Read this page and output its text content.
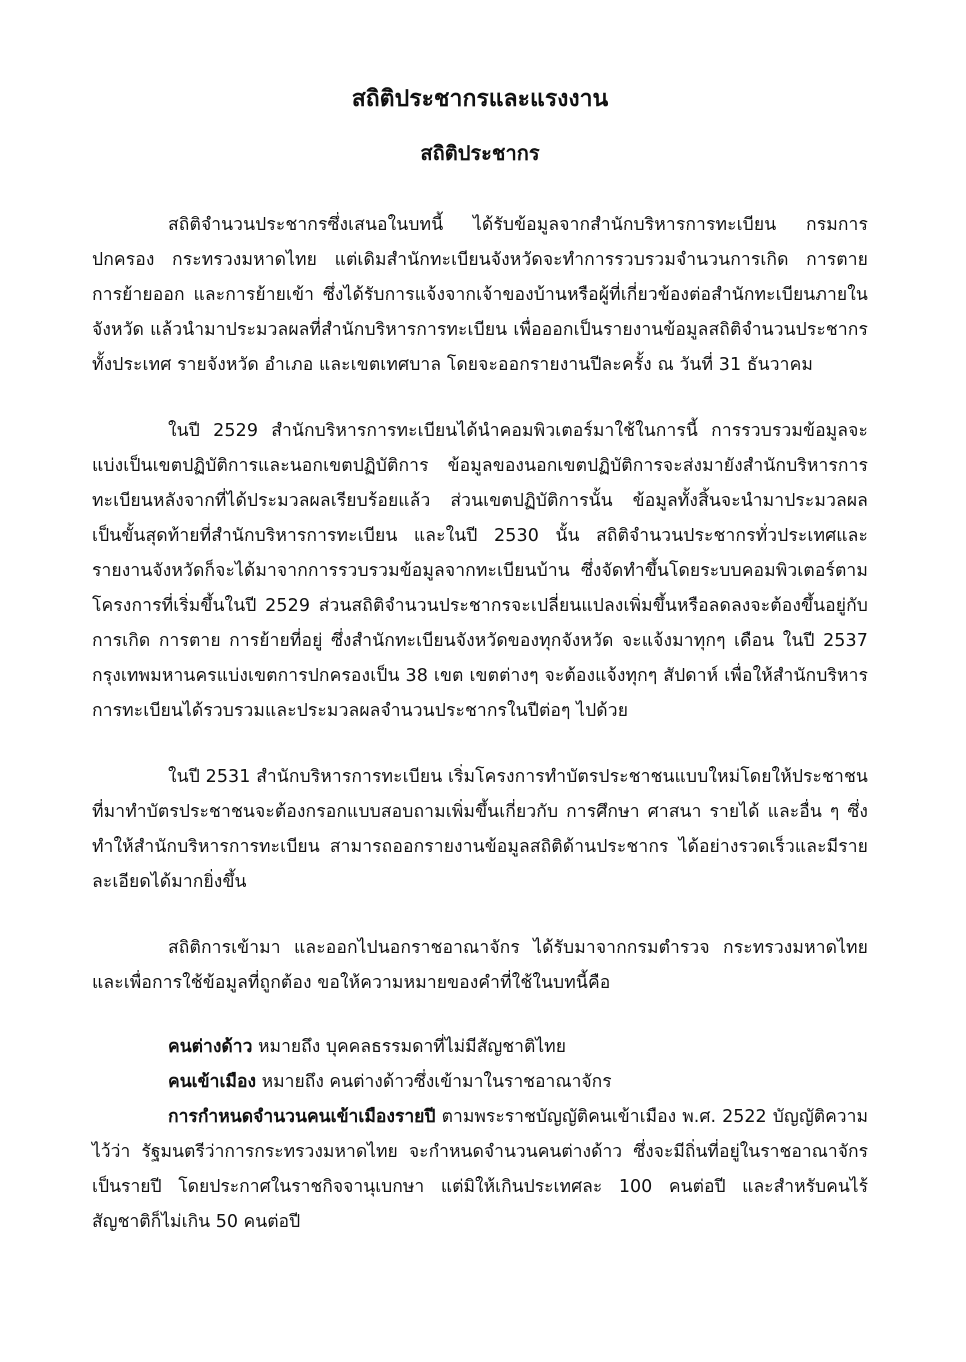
สถิติประชากรและแรงงาน
สถิติประชากร

สถิติจำนวนประชากรซึ่งเสนอในบทนี้ ได้รับข้อมูลจากสำนักบริหารการทะเบียน กรมการปกครอง กระทรวงมหาดไทย แต่เดิมสำนักทะเบียนจังหวัดจะทำการรวบรวมจำนวนการเกิด การตาย การย้ายออก และการย้ายเข้า ซึ่งได้รับการแจ้งจากเจ้าของบ้านหรือผู้ที่เกี่ยวข้องต่อสำนักทะเบียนภายในจังหวัด แล้วนำมาประมวลผลที่สำนักบริหารการทะเบียน เพื่อออกเป็นรายงานข้อมูลสถิติจำนวนประชากรทั้งประเทศ รายจังหวัด อำเภอ และเขตเทศบาล โดยจะออกรายงานปีละครั้ง ณ วันที่ 31 ธันวาคม

ในปี 2529 สำนักบริหารการทะเบียนได้นำคอมพิวเตอร์มาใช้ในการนี้ การรวบรวมข้อมูลจะแบ่งเป็นเขตปฏิบัติการและนอกเขตปฏิบัติการ ข้อมูลของนอกเขตปฏิบัติการจะส่งมายังสำนักบริหารการทะเบียนหลังจากที่ได้ประมวลผลเรียบร้อยแล้ว ส่วนเขตปฏิบัติการนั้น ข้อมูลทั้งสิ้นจะนำมาประมวลผลเป็นขั้นสุดท้ายที่สำนักบริหารการทะเบียน และในปี 2530 นั้น สถิติจำนวนประชากรทั่วประเทศและรายงานจังหวัดก็จะได้มาจากการรวบรวมข้อมูลจากทะเบียนบ้าน ซึ่งจัดทำขึ้นโดยระบบคอมพิวเตอร์ตามโครงการที่เริ่มขึ้นในปี 2529 ส่วนสถิติจำนวนประชากรจะเปลี่ยนแปลงเพิ่มขึ้นหรือลดลงจะต้องขึ้นอยู่กับการเกิด การตาย การย้ายที่อยู่ ซึ่งสำนักทะเบียนจังหวัดของทุกจังหวัด จะแจ้งมาทุกๆ เดือน ในปี 2537 กรุงเทพมหานครแบ่งเขตการปกครองเป็น 38 เขต เขตต่างๆ จะต้องแจ้งทุกๆ สัปดาห์ เพื่อให้สำนักบริหารการทะเบียนได้รวบรวมและประมวลผลจำนวนประชากรในปีต่อๆ ไปด้วย

ในปี 2531 สำนักบริหารการทะเบียน เริ่มโครงการทำบัตรประชาชนแบบใหม่โดยให้ประชาชนที่มาทำบัตรประชาชนจะต้องกรอกแบบสอบถามเพิ่มขึ้นเกี่ยวกับ การศึกษา ศาสนา รายได้ และอื่น ๆ ซึ่งทำให้สำนักบริหารการทะเบียน สามารถออกรายงานข้อมูลสถิติด้านประชากร ได้อย่างรวดเร็วและมีรายละเอียดได้มากยิ่งขึ้น

สถิติการเข้ามา และออกไปนอกราชอาณาจักร ได้รับมาจากกรมตำรวจ กระทรวงมหาดไทย และเพื่อการใช้ข้อมูลที่ถูกต้อง ขอให้ความหมายของคำที่ใช้ในบทนี้คือ

คนต่างด้าว หมายถึง บุคคลธรรมดาที่ไม่มีสัญชาติไทย

คนเข้าเมือง หมายถึง คนต่างด้าวซึ่งเข้ามาในราชอาณาจักร

การกำหนดจำนวนคนเข้าเมืองรายปี ตามพระราชบัญญัติคนเข้าเมือง พ.ศ. 2522 บัญญัติความไว้ว่า รัฐมนตรีว่าการกระทรวงมหาดไทย จะกำหนดจำนวนคนต่างด้าว ซึ่งจะมีถิ่นที่อยู่ในราชอาณาจักรเป็นรายปี โดยประกาศในราชกิจจานุเบกษา แต่มิให้เกินประเทศละ 100 คนต่อปี และสำหรับคนไร้สัญชาติก็ไม่เกิน 50 คนต่อปี
